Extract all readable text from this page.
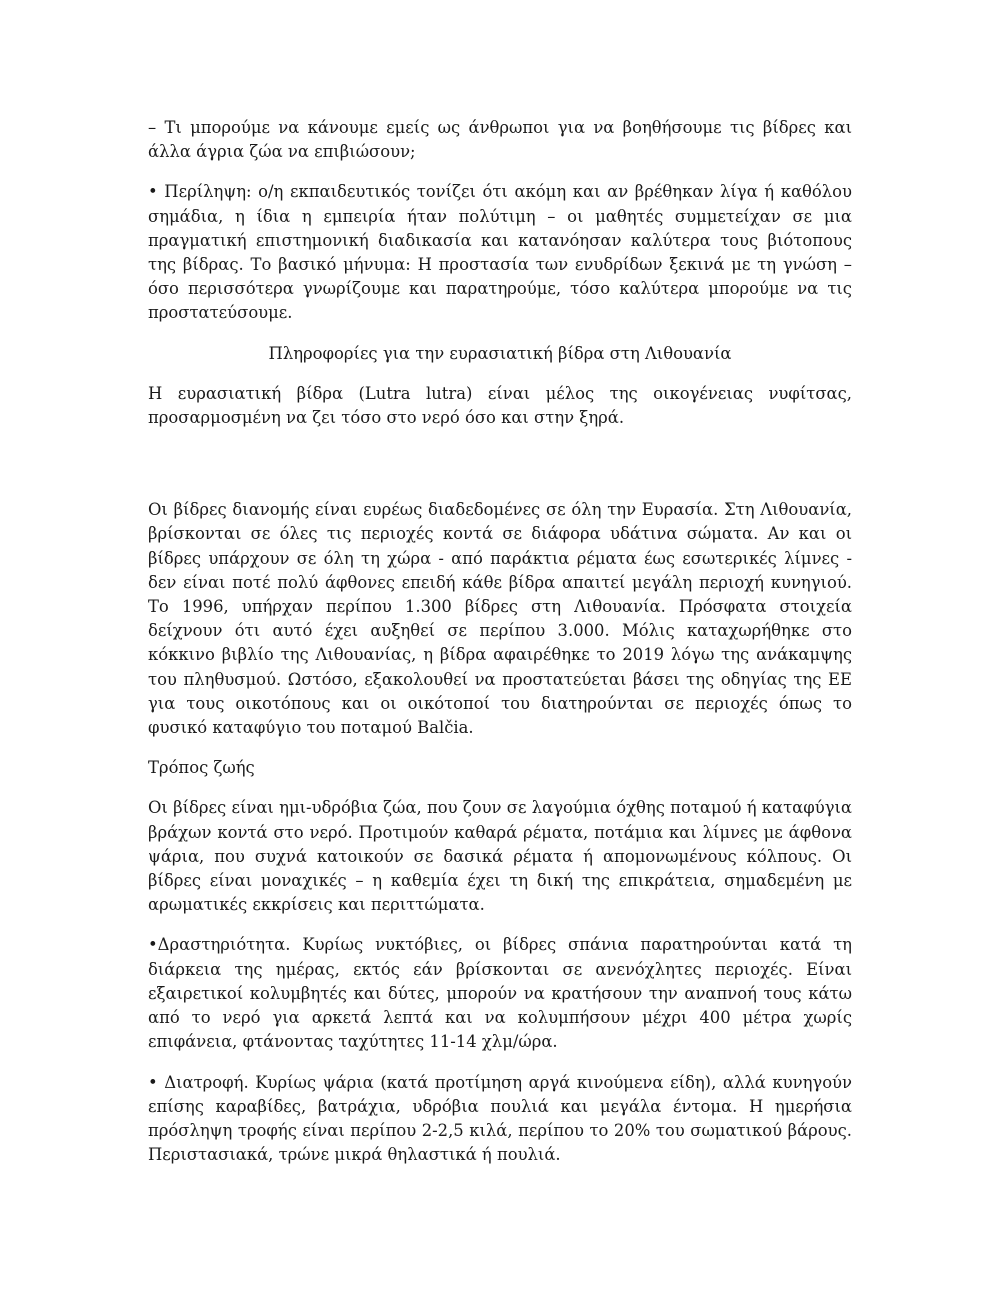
– Τι μπορούμε να κάνουμε εμείς ως άνθρωποι για να βοηθήσουμε τις βίδρες και άλλα άγρια ζώα να επιβιώσουν;

• Περίληψη: ο/η εκπαιδευτικός τονίζει ότι ακόμη και αν βρέθηκαν λίγα ή καθόλου σημάδια, η ίδια η εμπειρία ήταν πολύτιμη – οι μαθητές συμμετείχαν σε μια πραγματική επιστημονική διαδικασία και κατανόησαν καλύτερα τους βιότοπους της βίδρας. Το βασικό μήνυμα: Η προστασία των ενυδρίδων ξεκινά με τη γνώση – όσο περισσότερα γνωρίζουμε και παρατηρούμε, τόσο καλύτερα μπορούμε να τις προστατεύσουμε.

Πληροφορίες για την ευρασιατική βίδρα στη Λιθουανία

Η ευρασιατική βίδρα (Lutra lutra) είναι μέλος της οικογένειας νυφίτσας, προσαρμοσμένη να ζει τόσο στο νερό όσο και στην ξηρά.

Οι βίδρες διανομής είναι ευρέως διαδεδομένες σε όλη την Ευρασία. Στη Λιθουανία, βρίσκονται σε όλες τις περιοχές κοντά σε διάφορα υδάτινα σώματα. Αν και οι βίδρες υπάρχουν σε όλη τη χώρα - από παράκτια ρέματα έως εσωτερικές λίμνες - δεν είναι ποτέ πολύ άφθονες επειδή κάθε βίδρα απαιτεί μεγάλη περιοχή κυνηγιού. Το 1996, υπήρχαν περίπου 1.300 βίδρες στη Λιθουανία. Πρόσφατα στοιχεία δείχνουν ότι αυτό έχει αυξηθεί σε περίπου 3.000. Μόλις καταχωρήθηκε στο κόκκινο βιβλίο της Λιθουανίας, η βίδρα αφαιρέθηκε το 2019 λόγω της ανάκαμψης του πληθυσμού. Ωστόσο, εξακολουθεί να προστατεύεται βάσει της οδηγίας της ΕΕ για τους οικοτόπους και οι οικότοποί του διατηρούνται σε περιοχές όπως το φυσικό καταφύγιο του ποταμού Balčia.

Τρόπος ζωής

Οι βίδρες είναι ημι-υδρόβια ζώα, που ζουν σε λαγούμια όχθης ποταμού ή καταφύγια βράχων κοντά στο νερό. Προτιμούν καθαρά ρέματα, ποτάμια και λίμνες με άφθονα ψάρια, που συχνά κατοικούν σε δασικά ρέματα ή απομονωμένους κόλπους. Οι βίδρες είναι μοναχικές – η καθεμία έχει τη δική της επικράτεια, σημαδεμένη με αρωματικές εκκρίσεις και περιττώματα.

•Δραστηριότητα. Κυρίως νυκτόβιες, οι βίδρες σπάνια παρατηρούνται κατά τη διάρκεια της ημέρας, εκτός εάν βρίσκονται σε ανενόχλητες περιοχές. Είναι εξαιρετικοί κολυμβητές και δύτες, μπορούν να κρατήσουν την αναπνοή τους κάτω από το νερό για αρκετά λεπτά και να κολυμπήσουν μέχρι 400 μέτρα χωρίς επιφάνεια, φτάνοντας ταχύτητες 11-14 χλμ/ώρα.

• Διατροφή. Κυρίως ψάρια (κατά προτίμηση αργά κινούμενα είδη), αλλά κυνηγούν επίσης καραβίδες, βατράχια, υδρόβια πουλιά και μεγάλα έντομα. Η ημερήσια πρόσληψη τροφής είναι περίπου 2-2,5 κιλά, περίπου το 20% του σωματικού βάρους. Περιστασιακά, τρώνε μικρά θηλαστικά ή πουλιά.
